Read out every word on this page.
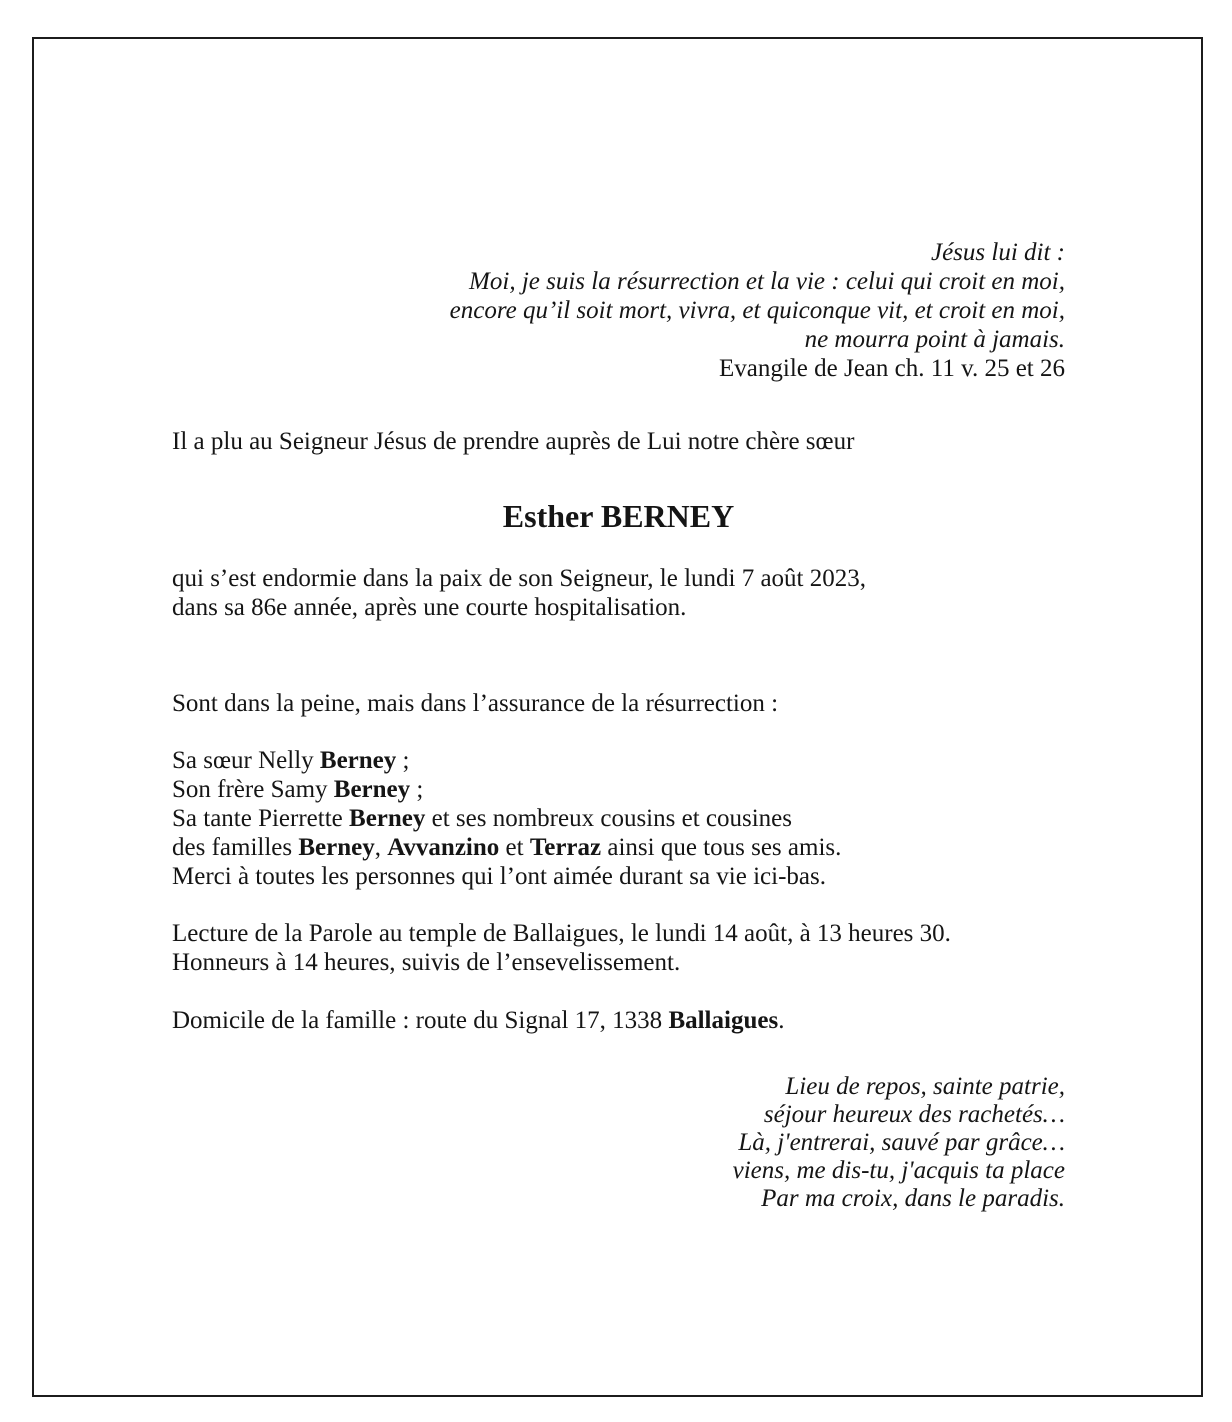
Jésus lui dit :
Moi, je suis la résurrection et la vie : celui qui croit en moi,
encore qu’il soit mort, vivra, et quiconque vit, et croit en moi,
ne mourra point à jamais.
Evangile de Jean ch. 11 v. 25 et 26
Il a plu au Seigneur Jésus de prendre auprès de Lui notre chère sœur
Esther BERNEY
qui s’est endormie dans la paix de son Seigneur, le lundi 7 août 2023,
dans sa 86e année, après une courte hospitalisation.
Sont dans la peine, mais dans l’assurance de la résurrection :
Sa sœur Nelly Berney ;
Son frère Samy Berney ;
Sa tante Pierrette Berney et ses nombreux cousins et cousines
des familles Berney, Avvanzino et Terraz ainsi que tous ses amis.
Merci à toutes les personnes qui l’ont aimée durant sa vie ici-bas.
Lecture de la Parole au temple de Ballaigues, le lundi 14 août, à 13 heures 30.
Honneurs à 14 heures, suivis de l’ensevelissement.
Domicile de la famille : route du Signal 17, 1338 Ballaigues.
Lieu de repos, sainte patrie,
séjour heureux des rachetés…
Là, j'entrerai, sauvé par grâce…
viens, me dis-tu, j'acquis ta place
Par ma croix, dans le paradis.
